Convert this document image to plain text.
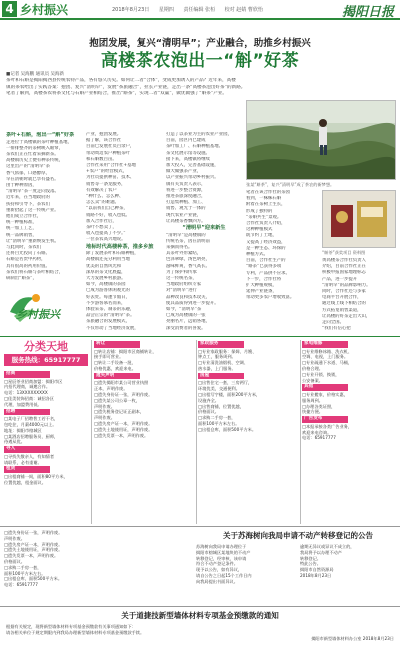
4 乡村振兴	2018年8月23日 星期四 责任编辑 张桓 校对 赵婧 曹欣怡	揭阳日报
抱团发展，复兴“清明早”；产业融合，助推乡村振兴
高楼茶农泡出一“斛”好茶
■记者 吴海鹏 通讯员 吴海新
茶叶和石斛是揭阳揭西县传统农特产品，各有悠久历史。如何让二者“合体”，变成更加诱人的产品？近年来，高楼
镇的茶农给出了实践答案：抱团、复兴“清明早”，发展“茶旅融合”，拉长产业链，走出一条“高楼茶泡出好茶”的新路。
笔者了解到，高楼茶农将茶文化与石斛产业相结合，推出“斛茶”，实现二者“双赢”，做优做强了“斛茶”产业。
茶叶+石斛，泡出一“斛”好茶
走进位于高楼镇的茶叶种植基地，
一排排整齐的茶树映入眼帘，
茶农们正在忙着采摘新茶。
高楼镇历史上便有种茶传统，
这里出产的“清明早”茶
香气浓郁，口感醇厚，
早在清朝时就已享有盛名。
由于种种原因，
“清明早”茶一度走向没落。
近年来，在当地政府的
扶持和引导下，茶农们
重新拾起了这一传统产业。
他们成立合作社，
统一种植标准，
统一加工工艺，
统一品牌销售，
让“清明早”重新焕发生机。
与此同时，茶农们
还将目光投向了石斛。
石斛是名贵中药材，
具有很高的药用价值。
茶农们将石斛与茶叶相结合，
研制出“斛茶”，
产业，抱团发展。
据了解，该合作社
目前已发展社员百余户，
带动周边农户种植茶叶
和石斛数百亩。
合作社采用“合作社+基地
+农户”的经营模式，
为社员提供种苗、技术、
销售等一条龙服务，
有效解决了农户
“种什么、怎么种、
怎么卖”的难题。
“以前我们自己种茶，
销路不好，收入也低。
加入合作社后，
茶叶不愁卖了，
收入也提高了不少。”
一位茶农高兴地说。
地标时代高楼种茶，推多乡旅
除了发展茶叶和石斛种植，
高楼镇还充分利用当地
优美的自然风光和
深厚的茶文化底蕴，
大力发展乡村旅游。
如今，高楼镇的茶园
已成为游客休闲观光的
好去处。每逢节假日，
不少游客慕名而来，
体验采茶、制茶的乐趣，
品尝正宗的“清明早”茶。
茶旅融合的发展模式，
不仅带动了当地经济发展，
打造了以茶业为主的农业产业园，
目前，园区内已建成
茶叶加工厂、石斛种植基地、
茶文化展示馆等设施。
接下来，高楼镇将继续
加大投入，完善基础设施，
做大做强茶产业，
以产业振兴带动乡村振兴。
镇有关负责人表示，
将进一步整合资源，
推进茶旅深度融合，
打造集种植、加工、
销售、观光于一体的
现代农业产业链，
让高楼茶香飘四方。
“清明早”迎来新生
“清明早”是高楼镇的
传统名茶，因在清明前
采摘而得名。
其茶叶外形紧结，
色泽翠绿，汤色明亮，
滋味鲜爽，香气高长。
为了保护和传承
这一传统名茶，
当地政府组织专家
对“清明早”进行
品种改良和技术攻关，
使其品质得到进一步提升。
如今，“清明早”茶
已成为高楼镇的一张
亮丽名片，远销各地，
深受消费者的喜爱。
张某“斛茶”，复兴“清明早”成了茶农的新梦想。
“斛茶”获奖项目 资料图
笔者在该合作社的茶园
看到，一株株石斛
附着在茶树上生长，
形成了独特的
“茶斛共生”景观。
合作社负责人介绍，
这种种植模式
既节约了土地，
又提高了经济效益，
是一种生态、环保的
种植方式。
目前，合作社生产的
“斛茶”已获得多项
专利，产品供不应求。
下一步，合作社将
扩大种植规模，
延伸产业链条，
带动更多农户增收致富。
黄高楼茶合作社负责人
介绍，目前合作社正在
积极申报国家地理标志
产品，进一步提升
“清明早”的品牌影响力。
同时，合作社还与多家
电商平台开展合作，
通过线上线下相结合的
方式拓宽销售渠道，
让高楼的好茶走出大山，
走向全国。
“我们有信心把
乡村振兴
分类天地
服务热线：65917777
招商
□星辰茶业招商加盟：揭阳市区
内招代理商，诚邀合作。
电话：13XXXXXXXXX
□佳美装饰招商：诚招各区
代理，加盟费用低。
招聘
□某电子厂招聘普工若干名，
包吃住，月薪4000元以上。
地址：揭阳市榕城区
□某酒店招聘服务员、厨师，
待遇从优。
寻人
□寻找失散亲人，有知情者
请联系，必有重谢。
租赁
□出租商铺一间，面积80平方米，
位置优越，租金面议。
转让
□转让店铺：揭阳市区商铺转让，
接手即可营业。
□转让二手设备一批，
价格优惠，欢迎来电。
遗失声明
□遗失揭阳市某公司营业执照
正本，声明作废。
□遗失身份证一张，声明作废。
□遗失某公司公章一枚，
声明作废。
□遗失税务登记证正副本，
声明作废。
□遗失房产证一本，声明作废。
□遗失土地使用证，声明作废。
□遗失发票一本，声明作废。
家政服务
□专业家政服务：保姆、月嫂、
钟点工，服务周到。
□专业清洗油烟机、空调、
热水器，上门服务。
房屋
□出售住宅一套，三房两厅，
环境优美，交通便利。
□出租写字楼，面积200平方米，
设施齐全。
□出售商铺，位置优越，
价格面议。
□求购二手房一套，
面积100平方米左右。
□出租仓库，面积500平方米。
家电维修
□专业维修冰箱、洗衣机、
空调、电视，上门服务。
□专业疏通下水道、马桶，
价格合理。
□专业开锁、换锁，
公安备案。
其他
□专业搬家，价格实惠，
服务周到。
□办理各类证照，
快捷方便。
广告发布
□本报承接各类广告业务，
欢迎来电咨询。
电话：65917777
关于苏海树向我局申请不动产转移登记的公告
苏海树向我局申请办理位于
揭阳市榕城区某地块的不动产
转移登记，经审核，该申请
符合不动产登记条件。
现予以公告，如有异议，
请自公告之日起15个工作日内
向我局提出书面异议。
逾期无异议或异议不成立的，
我局将予以办理不动产
转移登记。
特此公告。
揭阳市自然资源局
2018年8月23日
□遗失身份证一张，声明作废。
声明作废。
□遗失房产证一本，声明作废。
□遗失土地使用证，声明作废。
□遗失发票一本，声明作废。
价格面议。
□求购二手房一套，
面积100平方米左右。
□出租仓库，面积500平方米。
电话：65917777
关于道捷技新型墙体材料专项基金预缴款的通知
根据有关规定，现将新型墙体材料专项基金预缴款有关事项通知如下：
请各相关单位于规定期限内到我局办理新型墙体材料专项基金预缴款手续。
揭阳市新型墙体材料办公室 2018年8月23日
